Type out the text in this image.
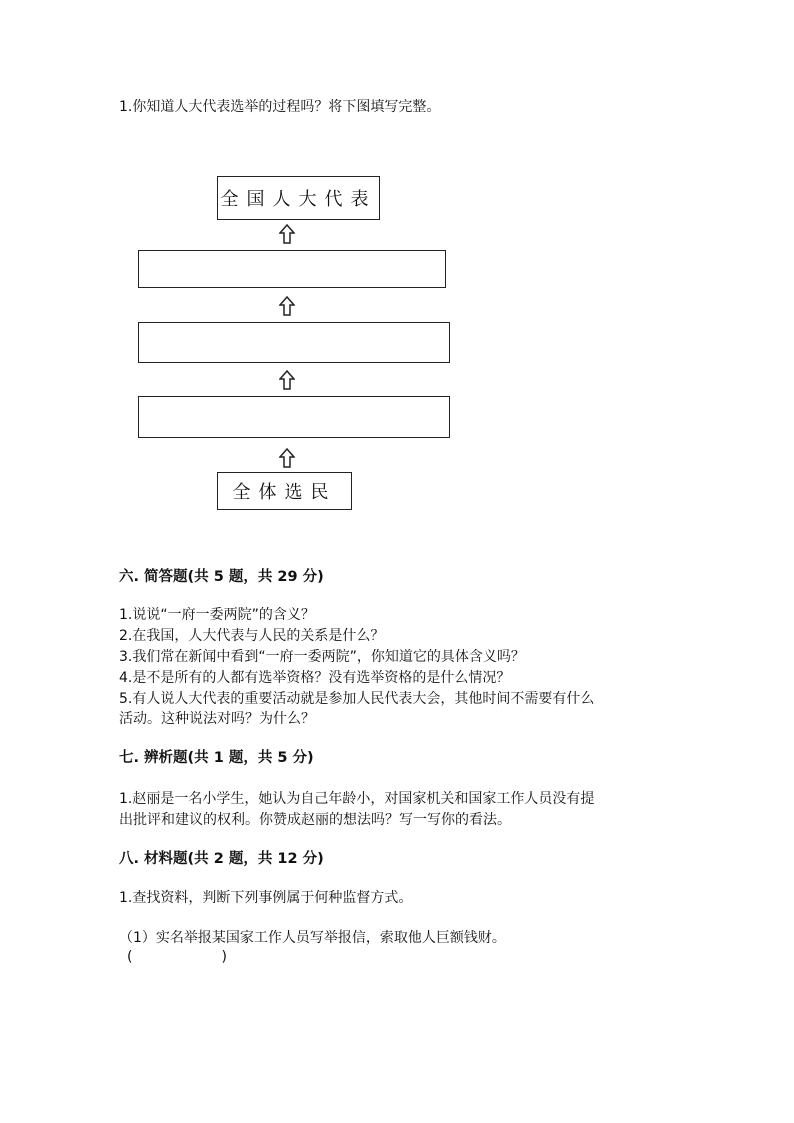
1.你知道人大代表选举的过程吗？将下图填写完整。
全国人大代表
全体选民
六. 简答题(共 5 题，共 29 分)
1.说说“一府一委两院”的含义？
2.在我国，人大代表与人民的关系是什么？
3.我们常在新闻中看到“一府一委两院”，你知道它的具体含义吗？
4.是不是所有的人都有选举资格？没有选举资格的是什么情况？
5.有人说人大代表的重要活动就是参加人民代表大会，其他时间不需要有什么
活动。这种说法对吗？为什么？
七. 辨析题(共 1 题，共 5 分)
1.赵丽是一名小学生，她认为自己年龄小，对国家机关和国家工作人员没有提
出批评和建议的权利。你赞成赵丽的想法吗？写一写你的看法。
八. 材料题(共 2 题，共 12 分)
1.查找资料，判断下列事例属于何种监督方式。
（1）实名举报某国家工作人员写举报信，索取他人巨额钱财。
(                    )
